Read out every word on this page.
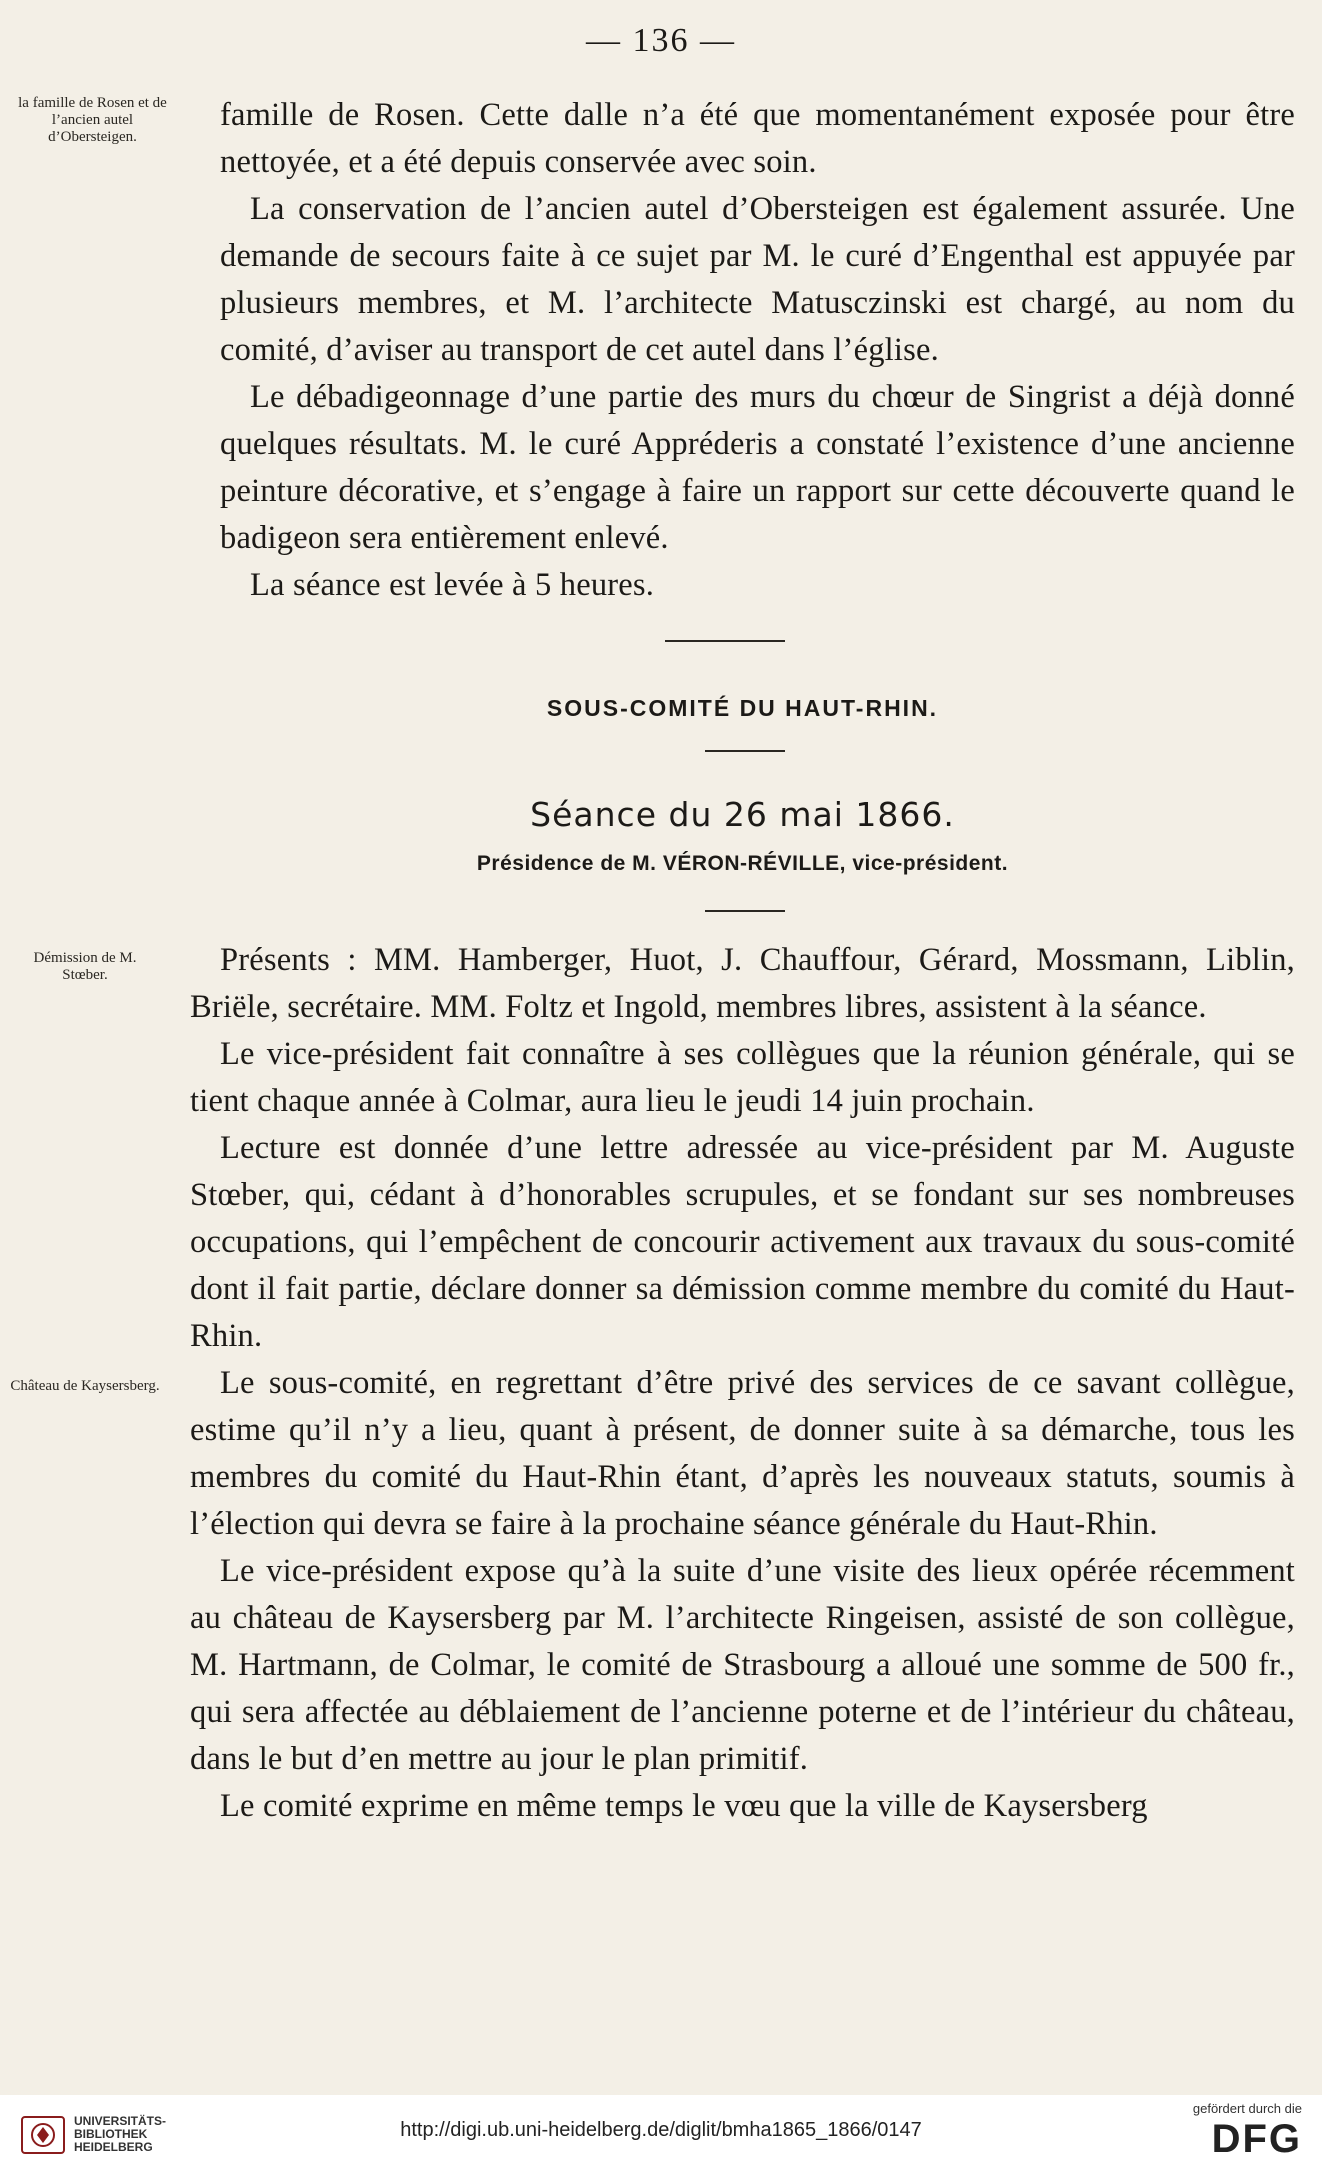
— 136 —
la famille de Rosen et de l’ancien autel d’Obersteigen.
Démission de M. Stœber.
Château de Kaysersberg.

famille de Rosen. Cette dalle n’a été que momentanément exposée pour être nettoyée, et a été depuis conservée avec soin.

La conservation de l’ancien autel d’Obersteigen est également assurée. Une demande de secours faite à ce sujet par M. le curé d’Engenthal est appuyée par plusieurs membres, et M. l’architecte Matusczinski est chargé, au nom du comité, d’aviser au transport de cet autel dans l’église.

Le débadigeonnage d’une partie des murs du chœur de Singrist a déjà donné quelques résultats. M. le curé Appréderis a constaté l’existence d’une ancienne peinture décorative, et s’engage à faire un rapport sur cette découverte quand le badigeon sera entièrement enlevé.

La séance est levée à 5 heures.

SOUS-COMITÉ DU HAUT-RHIN.
Séance du 26 mai 1866.
Présidence de M. VÉRON-RÉVILLE, vice-président.

Présents : MM. Hamberger, Huot, J. Chauffour, Gérard, Mossmann, Liblin, Briële, secrétaire. MM. Foltz et Ingold, membres libres, assistent à la séance.

Le vice-président fait connaître à ses collègues que la réunion générale, qui se tient chaque année à Colmar, aura lieu le jeudi 14 juin prochain.

Lecture est donnée d’une lettre adressée au vice-président par M. Auguste Stœber, qui, cédant à d’honorables scrupules, et se fondant sur ses nombreuses occupations, qui l’empêchent de concourir activement aux travaux du sous-comité dont il fait partie, déclare donner sa démission comme membre du comité du Haut-Rhin.

Le sous-comité, en regrettant d’être privé des services de ce savant collègue, estime qu’il n’y a lieu, quant à présent, de donner suite à sa démarche, tous les membres du comité du Haut-Rhin étant, d’après les nouveaux statuts, soumis à l’élection qui devra se faire à la prochaine séance générale du Haut-Rhin.

Le vice-président expose qu’à la suite d’une visite des lieux opérée récemment au château de Kaysersberg par M. l’architecte Ringeisen, assisté de son collègue, M. Hartmann, de Colmar, le comité de Strasbourg a alloué une somme de 500 fr., qui sera affectée au déblaiement de l’ancienne poterne et de l’intérieur du château, dans le but d’en mettre au jour le plan primitif.

Le comité exprime en même temps le vœu que la ville de Kaysersberg

UNIVERSITÄTS- BIBLIOTHEK HEIDELBERG
http://digi.ub.uni-heidelberg.de/diglit/bmha1865_1866/0147
gefördert durch die
DFG
